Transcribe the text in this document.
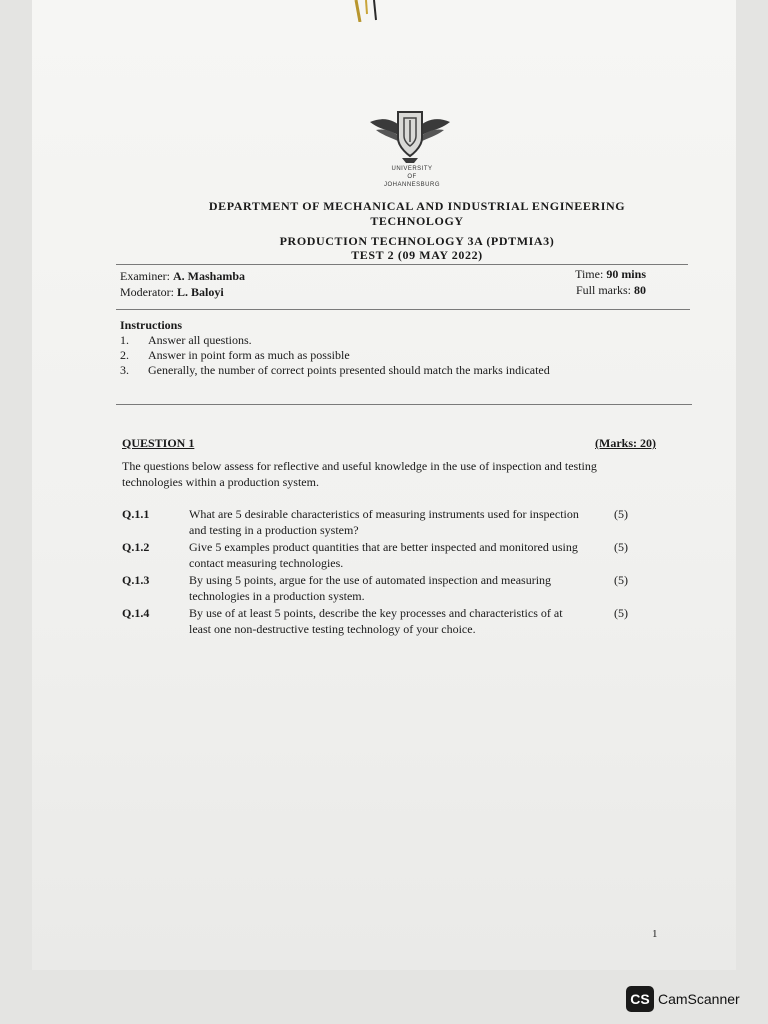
UNIVERSITY
OF
JOHANNESBURG
DEPARTMENT OF MECHANICAL AND INDUSTRIAL ENGINEERING
TECHNOLOGY
PRODUCTION TECHNOLOGY 3A (PDTMIA3)
TEST 2 (09 MAY 2022)
Examiner: A. Mashamba
Moderator: L. Baloyi
Time: 90 mins
Full marks: 80
Instructions
1.	Answer all questions.
2.	Answer in point form as much as possible
3.	Generally, the number of correct points presented should match the marks indicated
QUESTION 1	(Marks: 20)
The questions below assess for reflective and useful knowledge in the use of inspection and testing technologies within a production system.
Q.1.1	What are 5 desirable characteristics of measuring instruments used for inspection and testing in a production system?
(5)
Q.1.2	Give 5 examples product quantities that are better inspected and monitored using contact measuring technologies.
(5)
Q.1.3	By using 5 points, argue for the use of automated inspection and measuring technologies in a production system.
(5)
Q.1.4	By use of at least 5 points, describe the key processes and characteristics of at least one non-destructive testing technology of your choice.
(5)
1
CS CamScanner
